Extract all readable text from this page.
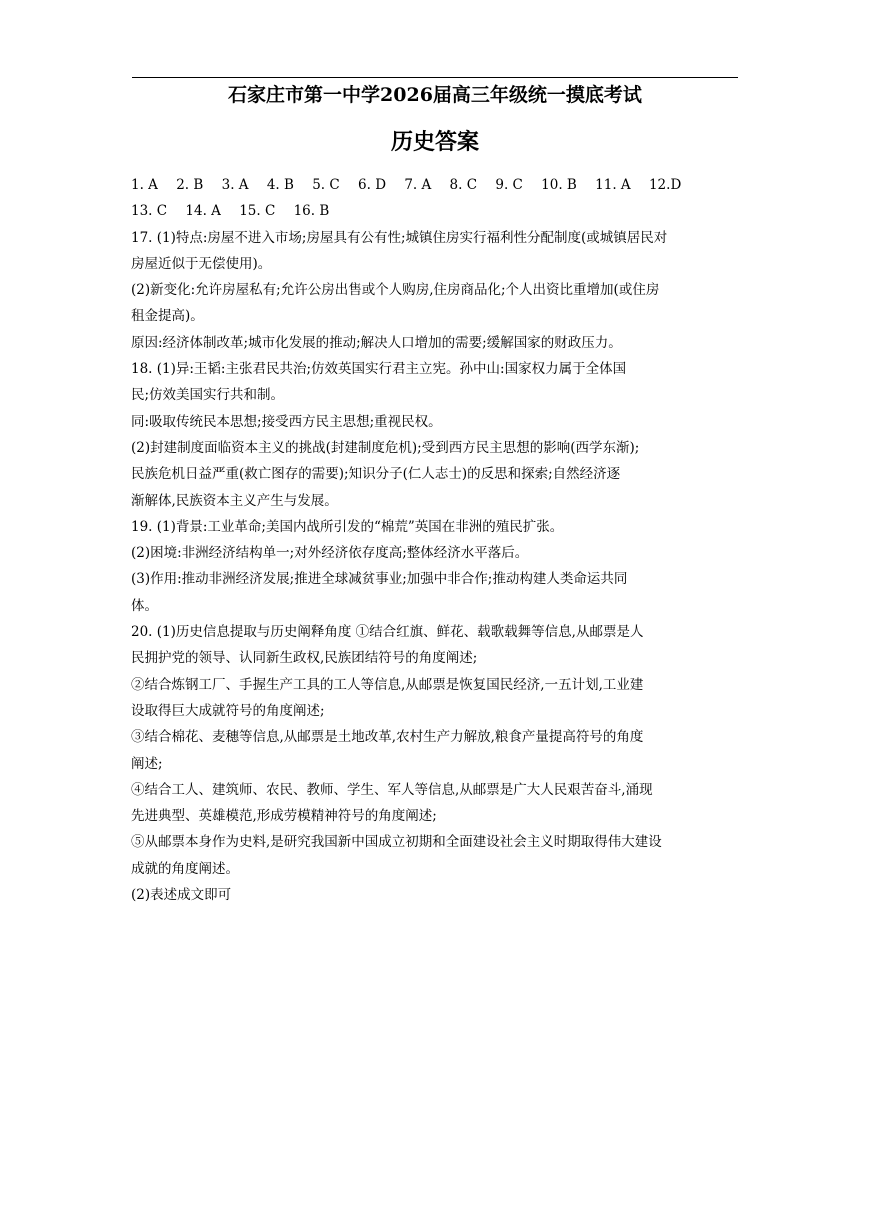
石家庄市第一中学2026届高三年级统一摸底考试
历史答案
1. A 2. B 3. A 4. B 5. C 6. D 7. A 8. C 9. C 10. B 11. A 12.D
13. C 14. A 15. C 16. B
17. (1)特点:房屋不进入市场;房屋具有公有性;城镇住房实行福利性分配制度(或城镇居民对
房屋近似于无偿使用)。
(2)新变化:允许房屋私有;允许公房出售或个人购房,住房商品化;个人出资比重增加(或住房
租金提高)。
原因:经济体制改革;城市化发展的推动;解决人口增加的需要;缓解国家的财政压力。
18. (1)异:王韬:主张君民共治;仿效英国实行君主立宪。孙中山:国家权力属于全体国
民;仿效美国实行共和制。
同:吸取传统民本思想;接受西方民主思想;重视民权。
(2)封建制度面临资本主义的挑战(封建制度危机);受到西方民主思想的影响(西学东渐);
民族危机日益严重(救亡图存的需要);知识分子(仁人志士)的反思和探索;自然经济逐
渐解体,民族资本主义产生与发展。
19. (1)背景:工业革命;美国内战所引发的“棉荒”英国在非洲的殖民扩张。
(2)困境:非洲经济结构单一;对外经济依存度高;整体经济水平落后。
(3)作用:推动非洲经济发展;推进全球减贫事业;加强中非合作;推动构建人类命运共同
体。
20. (1)历史信息提取与历史阐释角度 ①结合红旗、鲜花、载歌载舞等信息,从邮票是人
民拥护党的领导、认同新生政权,民族团结符号的角度阐述;
②结合炼钢工厂、手握生产工具的工人等信息,从邮票是恢复国民经济,一五计划,工业建
设取得巨大成就符号的角度阐述;
③结合棉花、麦穗等信息,从邮票是土地改革,农村生产力解放,粮食产量提高符号的角度
阐述;
④结合工人、建筑师、农民、教师、学生、军人等信息,从邮票是广大人民艰苦奋斗,涌现
先进典型、英雄模范,形成劳模精神符号的角度阐述;
⑤从邮票本身作为史料,是研究我国新中国成立初期和全面建设社会主义时期取得伟大建设
成就的角度阐述。
(2)表述成文即可
